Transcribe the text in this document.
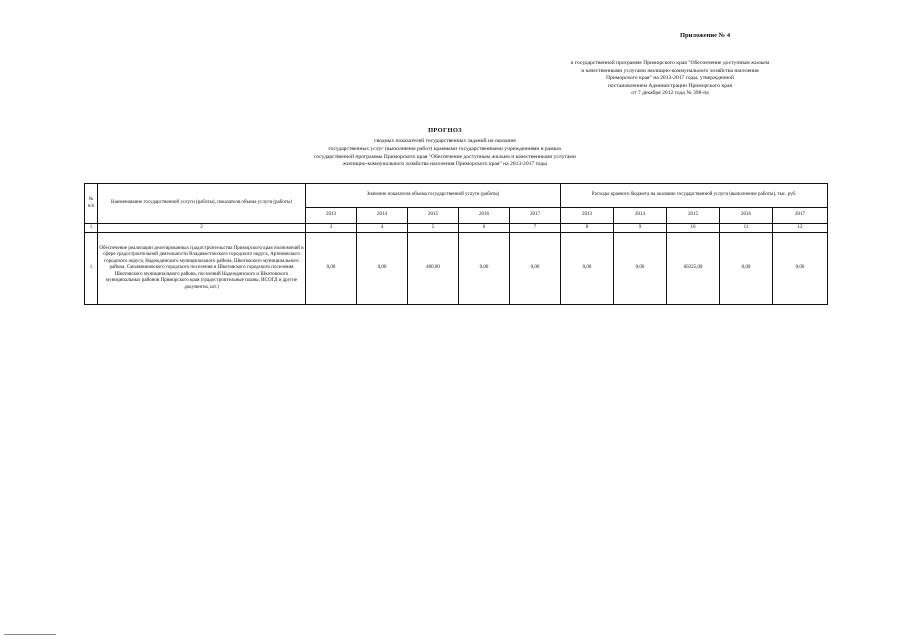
Приложение № 4
к государственной программе Приморского края "Обеспечение доступным жильем
и качественными услугами жилищно-коммунального хозяйства населения
Приморского края" на 2013-2017 годы, утвержденной
постановлением Администрации Приморского края
от 7 декабря 2012 года № 398-па
ПРОГНОЗ
сводных показателей государственных заданий на оказание
государственных услуг (выполнение работ) краевыми государственными учреждениями в рамках
государственной программы Приморского края "Обеспечение доступным жильем и качественными услугами
жилищно-коммунального хозяйства населения Приморского края" на 2013-2017 годы
№ п/п	Наименование государственной услуги (работы), показателя объема услуги (работы)	Значение показателя объема государственной услуги (работы)					Расходы краевого бюджета на оказание государственной услуги (выполнение работы), тыс. руб.				
		2013	2014	2015	2016	2017	2013	2014	2015	2016	2017
1	2	3	4	5	6	7	8	9	10	11	12
1	Обеспечение реализации делегированных градостроительства Приморского края полномочий в сфере градостроительной деятельности Владивостокского городского округа, Артемовского городского округа, Надеждинского муниципального района, Шкотовского муниципального района, Смоляниновского городского поселения и Шкотовского городского поселения Шкотовского муниципального района, поселений Надеждинского и Шкотовского муниципальных районов Приморского края (градостроительные планы, ИСОГД и другие документы, шт.)	0,00	0,00	400,00	0,00	0,00	0,00	0,00	60325,00	0,00	0,00
